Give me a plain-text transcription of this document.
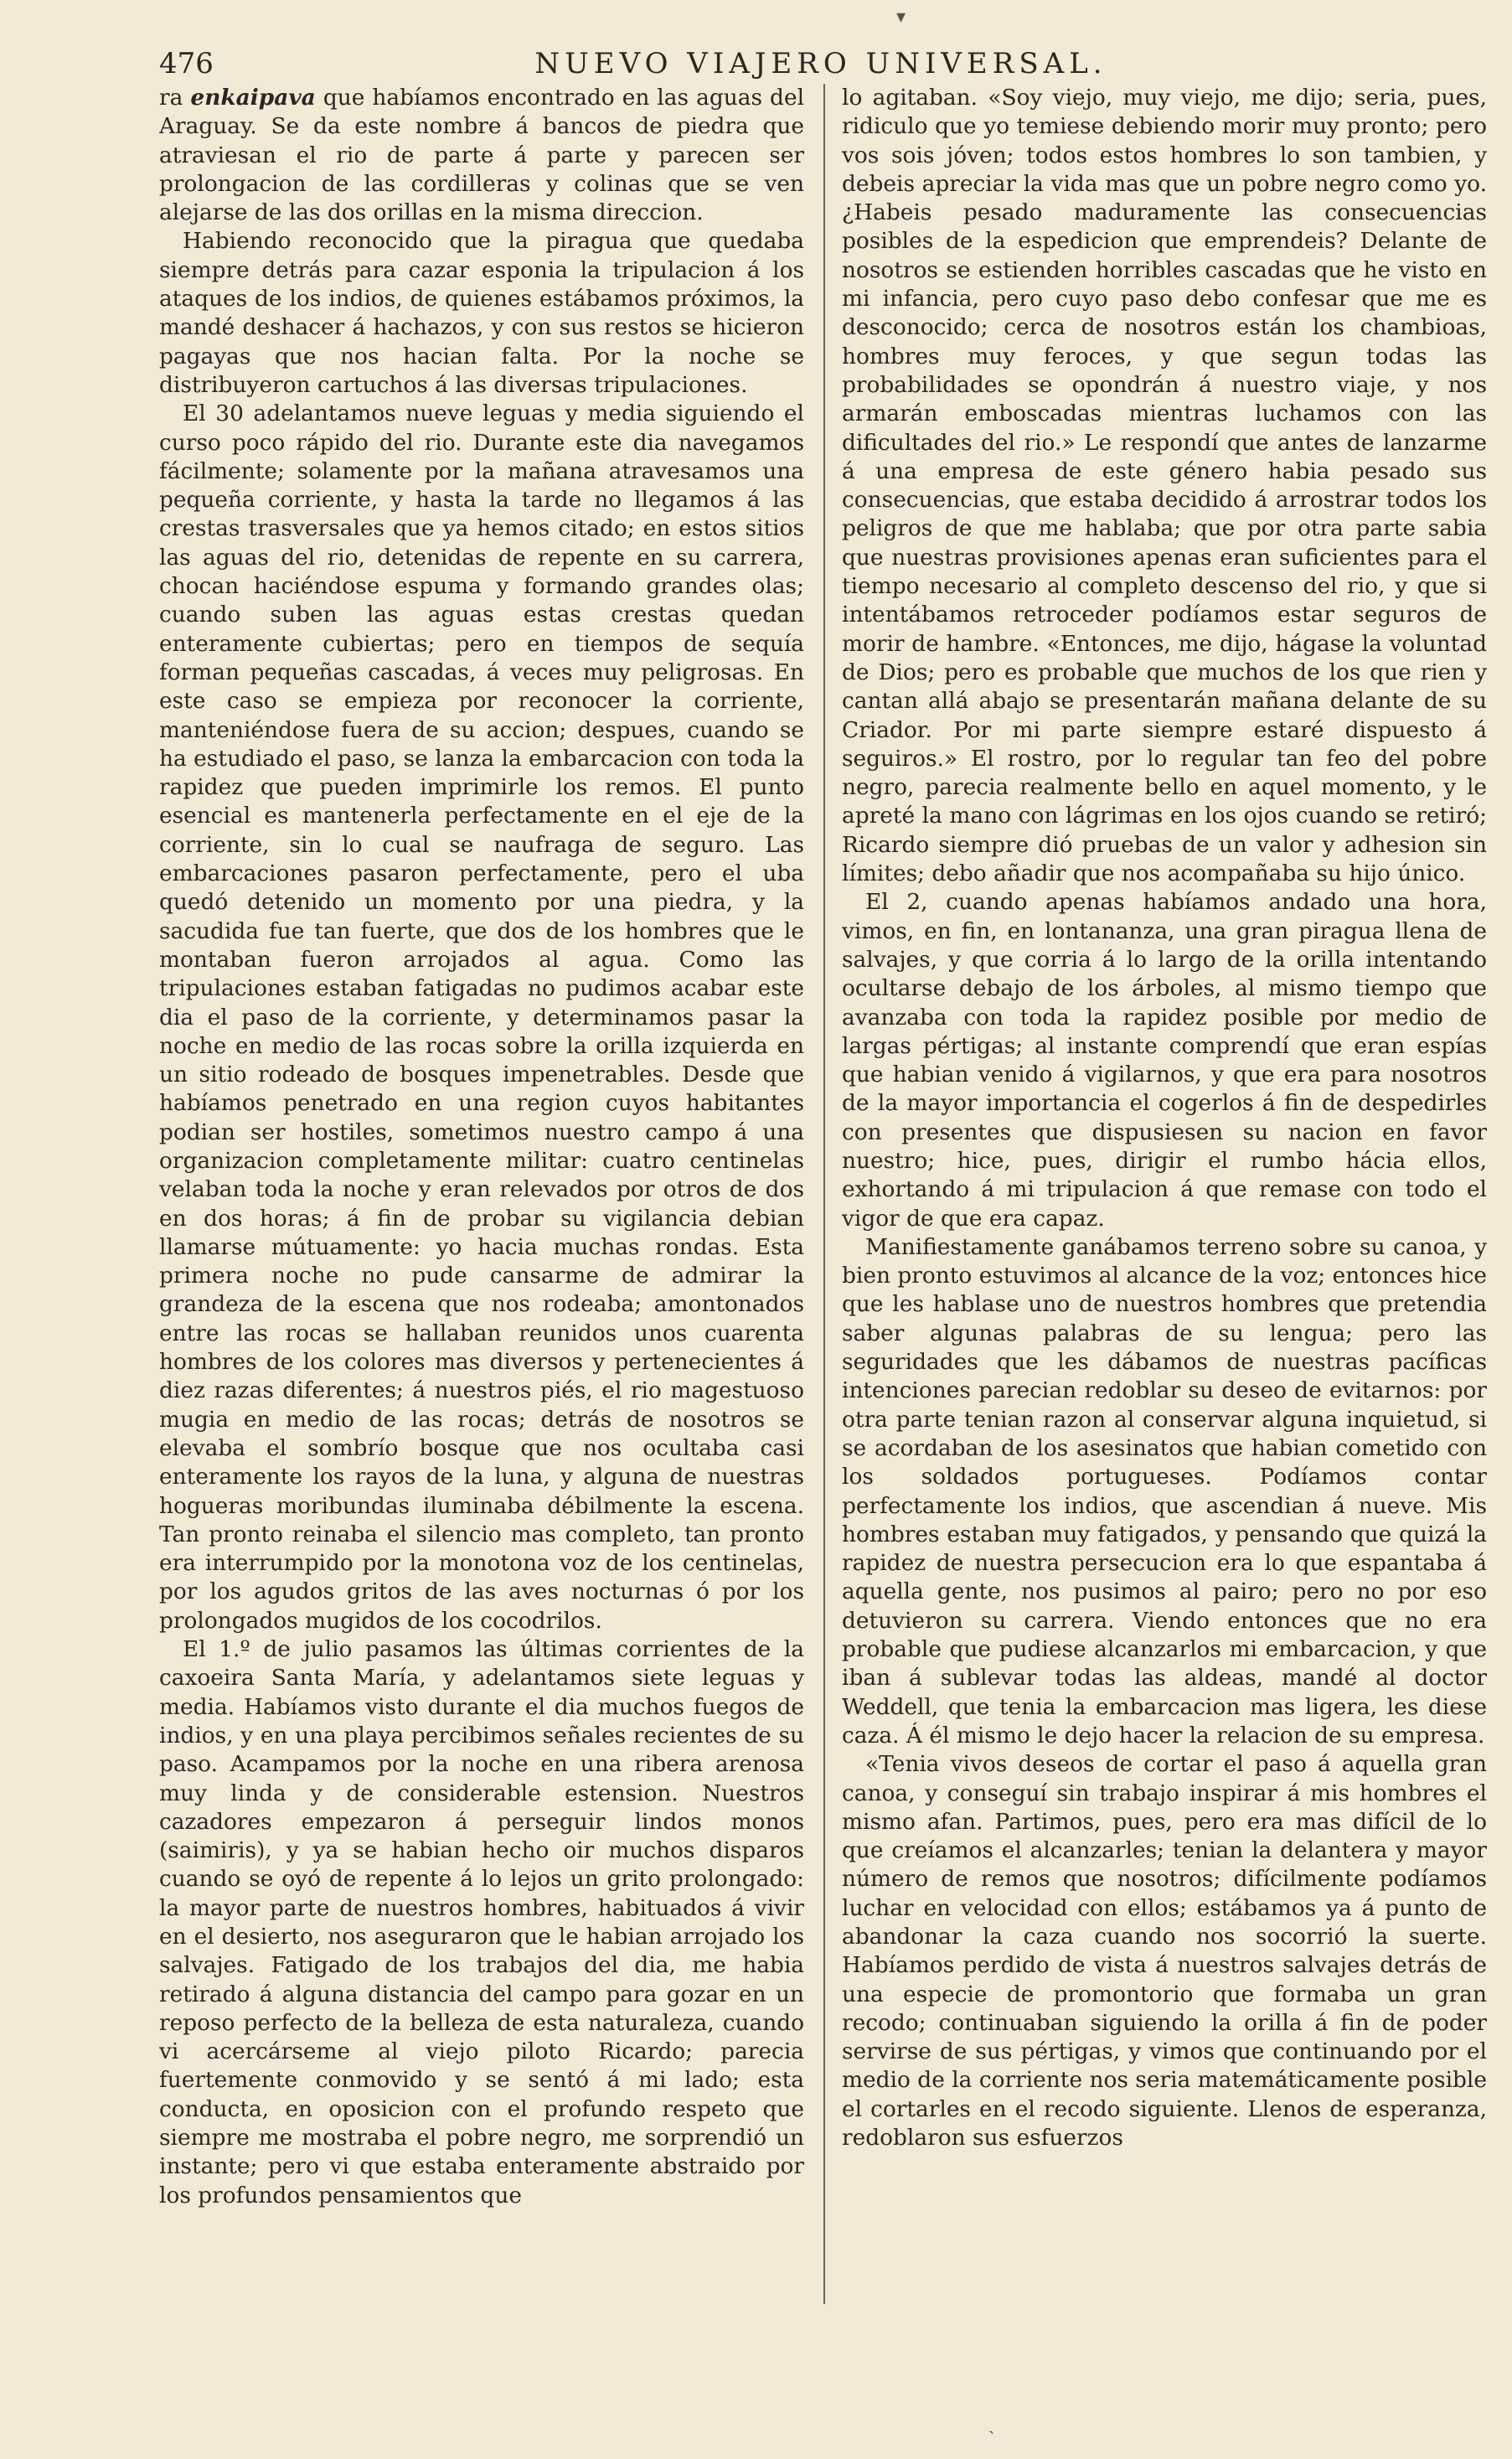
476	NUEVO VIAJERO UNIVERSAL.

ra enkaipava que habíamos encontrado en las aguas del Araguay. Se da este nombre á bancos de piedra que atraviesan el rio de parte á parte y parecen ser prolongacion de las cordilleras y colinas que se ven alejarse de las dos orillas en la misma direccion.

Habiendo reconocido que la piragua que quedaba siempre detrás para cazar esponia la tripulacion á los ataques de los indios, de quienes estábamos próximos, la mandé deshacer á hachazos, y con sus restos se hicieron pagayas que nos hacian falta. Por la noche se distribuyeron cartuchos á las diversas tripulaciones.

El 30 adelantamos nueve leguas y media siguiendo el curso poco rápido del rio. Durante este dia navegamos fácilmente; solamente por la mañana atravesamos una pequeña corriente, y hasta la tarde no llegamos á las crestas trasversales que ya hemos citado; en estos sitios las aguas del rio, detenidas de repente en su carrera, chocan haciéndose espuma y formando grandes olas; cuando suben las aguas estas crestas quedan enteramente cubiertas; pero en tiempos de sequía forman pequeñas cascadas, á veces muy peligrosas. En este caso se empieza por reconocer la corriente, manteniéndose fuera de su accion; despues, cuando se ha estudiado el paso, se lanza la embarcacion con toda la rapidez que pueden imprimirle los remos. El punto esencial es mantenerla perfectamente en el eje de la corriente, sin lo cual se naufraga de seguro. Las embarcaciones pasaron perfectamente, pero el uba quedó detenido un momento por una piedra, y la sacudida fue tan fuerte, que dos de los hombres que le montaban fueron arrojados al agua. Como las tripulaciones estaban fatigadas no pudimos acabar este dia el paso de la corriente, y determinamos pasar la noche en medio de las rocas sobre la orilla izquierda en un sitio rodeado de bosques impenetrables. Desde que habíamos penetrado en una region cuyos habitantes podian ser hostiles, sometimos nuestro campo á una organizacion completamente militar: cuatro centinelas velaban toda la noche y eran relevados por otros de dos en dos horas; á fin de probar su vigilancia debian llamarse mútuamente: yo hacia muchas rondas. Esta primera noche no pude cansarme de admirar la grandeza de la escena que nos rodeaba; amontonados entre las rocas se hallaban reunidos unos cuarenta hombres de los colores mas diversos y pertenecientes á diez razas diferentes; á nuestros piés, el rio magestuoso mugia en medio de las rocas; detrás de nosotros se elevaba el sombrío bosque que nos ocultaba casi enteramente los rayos de la luna, y alguna de nuestras hogueras moribundas iluminaba débilmente la escena. Tan pronto reinaba el silencio mas completo, tan pronto era interrumpido por la monotona voz de los centinelas, por los agudos gritos de las aves nocturnas ó por los prolongados mugidos de los cocodrilos.

El 1.º de julio pasamos las últimas corrientes de la caxoeira Santa María, y adelantamos siete leguas y media. Habíamos visto durante el dia muchos fuegos de indios, y en una playa percibimos señales recientes de su paso. Acampamos por la noche en una ribera arenosa muy linda y de considerable estension. Nuestros cazadores empezaron á perseguir lindos monos (saimiris), y ya se habian hecho oir muchos disparos cuando se oyó de repente á lo lejos un grito prolongado: la mayor parte de nuestros hombres, habituados á vivir en el desierto, nos aseguraron que le habian arrojado los salvajes. Fatigado de los trabajos del dia, me habia retirado á alguna distancia del campo para gozar en un reposo perfecto de la belleza de esta naturaleza, cuando vi acercárseme al viejo piloto Ricardo; parecia fuertemente conmovido y se sentó á mi lado; esta conducta, en oposicion con el profundo respeto que siempre me mostraba el pobre negro, me sorprendió un instante; pero vi que estaba enteramente abstraido por los profundos pensamientos que

lo agitaban. «Soy viejo, muy viejo, me dijo; seria, pues, ridiculo que yo temiese debiendo morir muy pronto; pero vos sois jóven; todos estos hombres lo son tambien, y debeis apreciar la vida mas que un pobre negro como yo. ¿Habeis pesado maduramente las consecuencias posibles de la espedicion que emprendeis? Delante de nosotros se estienden horribles cascadas que he visto en mi infancia, pero cuyo paso debo confesar que me es desconocido; cerca de nosotros están los chambioas, hombres muy feroces, y que segun todas las probabilidades se opondrán á nuestro viaje, y nos armarán emboscadas mientras luchamos con las dificultades del rio.» Le respondí que antes de lanzarme á una empresa de este género habia pesado sus consecuencias, que estaba decidido á arrostrar todos los peligros de que me hablaba; que por otra parte sabia que nuestras provisiones apenas eran suficientes para el tiempo necesario al completo descenso del rio, y que si intentábamos retroceder podíamos estar seguros de morir de hambre. «Entonces, me dijo, hágase la voluntad de Dios; pero es probable que muchos de los que rien y cantan allá abajo se presentarán mañana delante de su Criador. Por mi parte siempre estaré dispuesto á seguiros.» El rostro, por lo regular tan feo del pobre negro, parecia realmente bello en aquel momento, y le apreté la mano con lágrimas en los ojos cuando se retiró; Ricardo siempre dió pruebas de un valor y adhesion sin límites; debo añadir que nos acompañaba su hijo único.

El 2, cuando apenas habíamos andado una hora, vimos, en fin, en lontananza, una gran piragua llena de salvajes, y que corria á lo largo de la orilla intentando ocultarse debajo de los árboles, al mismo tiempo que avanzaba con toda la rapidez posible por medio de largas pértigas; al instante comprendí que eran espías que habian venido á vigilarnos, y que era para nosotros de la mayor importancia el cogerlos á fin de despedirles con presentes que dispusiesen su nacion en favor nuestro; hice, pues, dirigir el rumbo hácia ellos, exhortando á mi tripulacion á que remase con todo el vigor de que era capaz.

Manifiestamente ganábamos terreno sobre su canoa, y bien pronto estuvimos al alcance de la voz; entonces hice que les hablase uno de nuestros hombres que pretendia saber algunas palabras de su lengua; pero las seguridades que les dábamos de nuestras pacíficas intenciones parecian redoblar su deseo de evitarnos: por otra parte tenian razon al conservar alguna inquietud, si se acordaban de los asesinatos que habian cometido con los soldados portugueses. Podíamos contar perfectamente los indios, que ascendian á nueve. Mis hombres estaban muy fatigados, y pensando que quizá la rapidez de nuestra persecucion era lo que espantaba á aquella gente, nos pusimos al pairo; pero no por eso detuvieron su carrera. Viendo entonces que no era probable que pudiese alcanzarlos mi embarcacion, y que iban á sublevar todas las aldeas, mandé al doctor Weddell, que tenia la embarcacion mas ligera, les diese caza. Á él mismo le dejo hacer la relacion de su empresa.

«Tenia vivos deseos de cortar el paso á aquella gran canoa, y conseguí sin trabajo inspirar á mis hombres el mismo afan. Partimos, pues, pero era mas difícil de lo que creíamos el alcanzarles; tenian la delantera y mayor número de remos que nosotros; difícilmente podíamos luchar en velocidad con ellos; estábamos ya á punto de abandonar la caza cuando nos socorrió la suerte. Habíamos perdido de vista á nuestros salvajes detrás de una especie de promontorio que formaba un gran recodo; continuaban siguiendo la orilla á fin de poder servirse de sus pértigas, y vimos que continuando por el medio de la corriente nos seria matemáticamente posible el cortarles en el recodo siguiente. Llenos de esperanza, redoblaron sus esfuerzos

▾
ˏ
